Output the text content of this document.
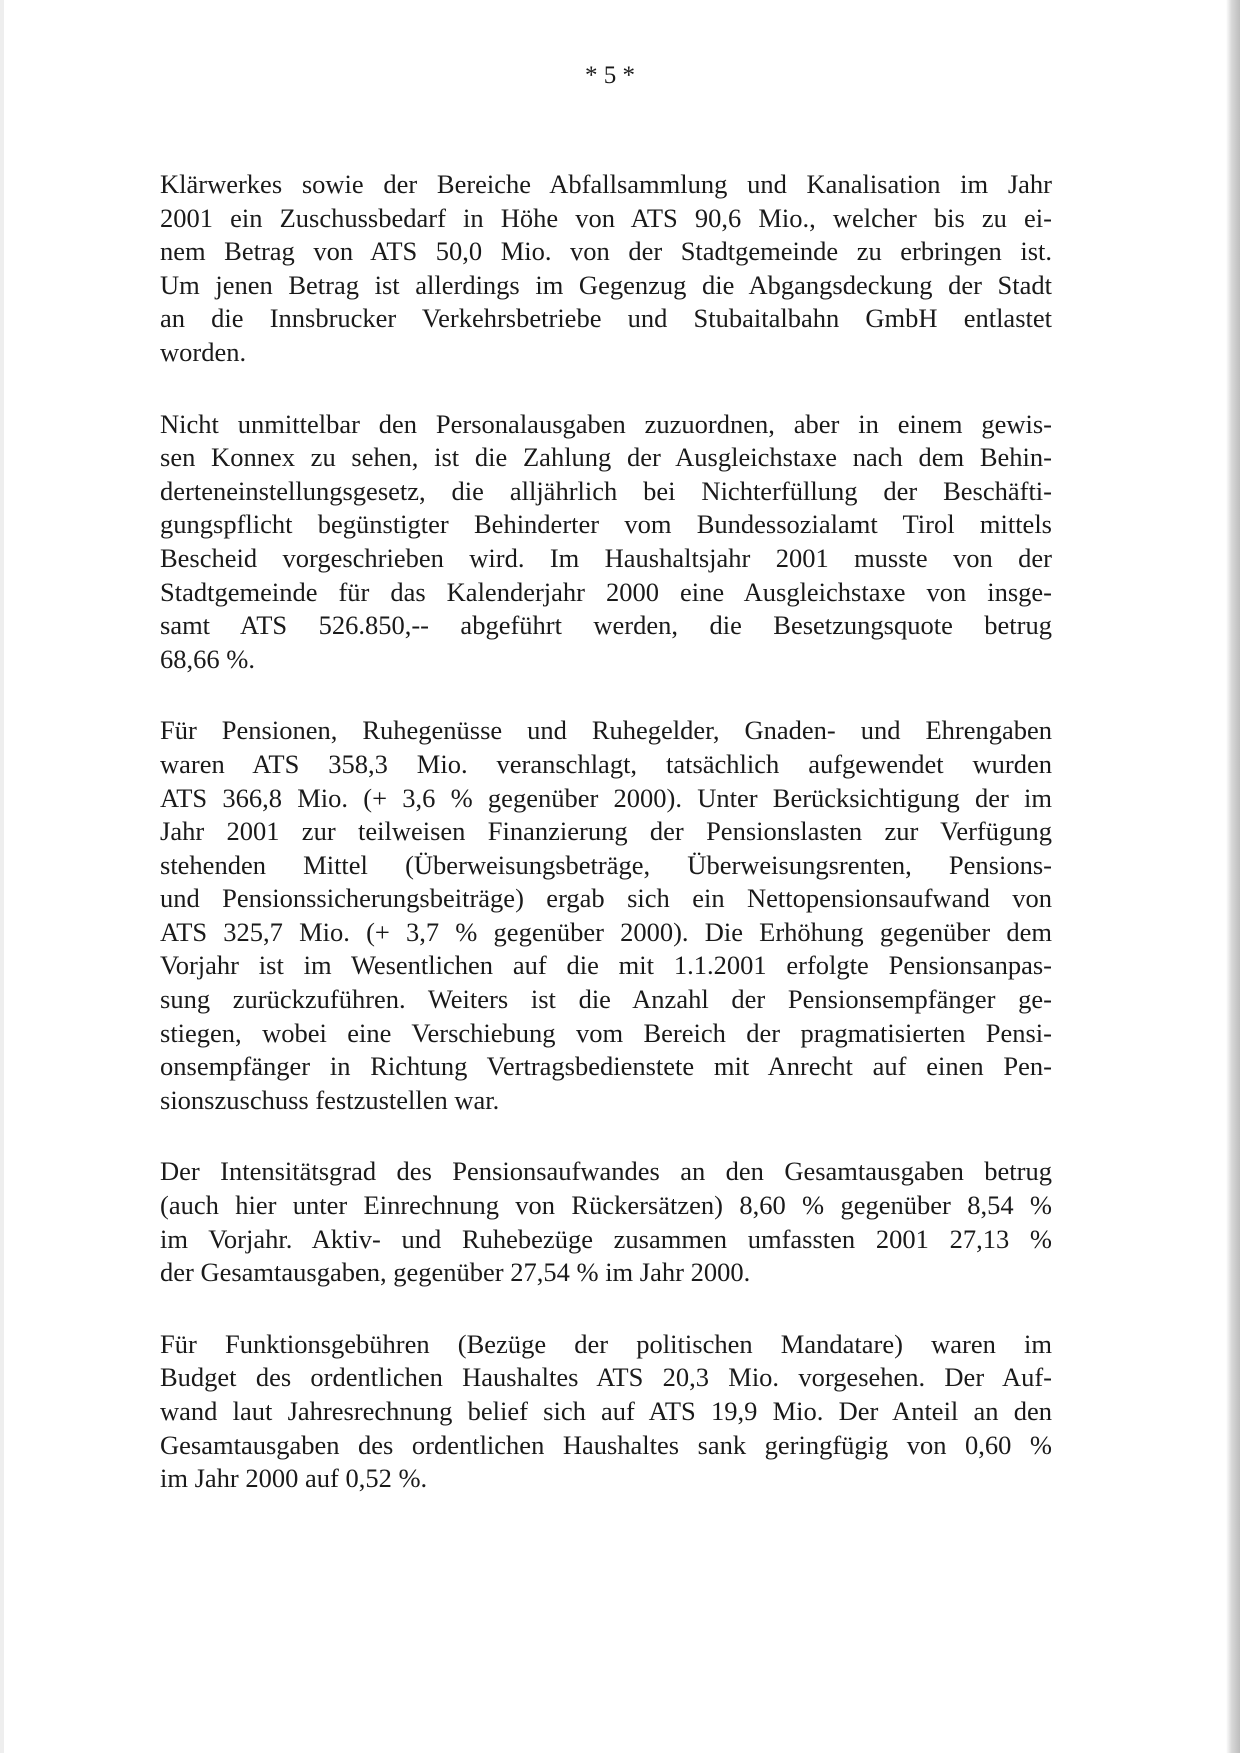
* 5 *
Klärwerkes sowie der Bereiche Abfallsammlung und Kanalisation im Jahr
2001 ein Zuschussbedarf in Höhe von ATS 90,6 Mio., welcher bis zu ei-
nem Betrag von ATS 50,0 Mio. von der Stadtgemeinde zu erbringen ist.
Um jenen Betrag ist allerdings im Gegenzug die Abgangsdeckung der Stadt
an die Innsbrucker Verkehrsbetriebe und Stubaitalbahn GmbH entlastet
worden.
Nicht unmittelbar den Personalausgaben zuzuordnen, aber in einem gewis-
sen Konnex zu sehen, ist die Zahlung der Ausgleichstaxe nach dem Behin-
derteneinstellungsgesetz, die alljährlich bei Nichterfüllung der Beschäfti-
gungspflicht begünstigter Behinderter vom Bundessozialamt Tirol mittels
Bescheid vorgeschrieben wird. Im Haushaltsjahr 2001 musste von der
Stadtgemeinde für das Kalenderjahr 2000 eine Ausgleichstaxe von insge-
samt ATS 526.850,-- abgeführt werden, die Besetzungsquote betrug
68,66 %.
Für Pensionen, Ruhegenüsse und Ruhegelder, Gnaden- und Ehrengaben
waren ATS 358,3 Mio. veranschlagt, tatsächlich aufgewendet wurden
ATS 366,8 Mio. (+ 3,6 % gegenüber 2000). Unter Berücksichtigung der im
Jahr 2001 zur teilweisen Finanzierung der Pensionslasten zur Verfügung
stehenden Mittel (Überweisungsbeträge, Überweisungsrenten, Pensions-
und Pensionssicherungsbeiträge) ergab sich ein Nettopensionsaufwand von
ATS 325,7 Mio. (+ 3,7 % gegenüber 2000). Die Erhöhung gegenüber dem
Vorjahr ist im Wesentlichen auf die mit 1.1.2001 erfolgte Pensionsanpas-
sung zurückzuführen. Weiters ist die Anzahl der Pensionsempfänger ge-
stiegen, wobei eine Verschiebung vom Bereich der pragmatisierten Pensi-
onsempfänger in Richtung Vertragsbedienstete mit Anrecht auf einen Pen-
sionszuschuss festzustellen war.
Der Intensitätsgrad des Pensionsaufwandes an den Gesamtausgaben betrug
(auch hier unter Einrechnung von Rückersätzen) 8,60 % gegenüber 8,54 %
im Vorjahr. Aktiv- und Ruhebezüge zusammen umfassten 2001 27,13 %
der Gesamtausgaben, gegenüber 27,54 % im Jahr 2000.
Für Funktionsgebühren (Bezüge der politischen Mandatare) waren im
Budget des ordentlichen Haushaltes ATS 20,3 Mio. vorgesehen. Der Auf-
wand laut Jahresrechnung belief sich auf ATS 19,9 Mio. Der Anteil an den
Gesamtausgaben des ordentlichen Haushaltes sank geringfügig von 0,60 %
im Jahr 2000 auf 0,52 %.
